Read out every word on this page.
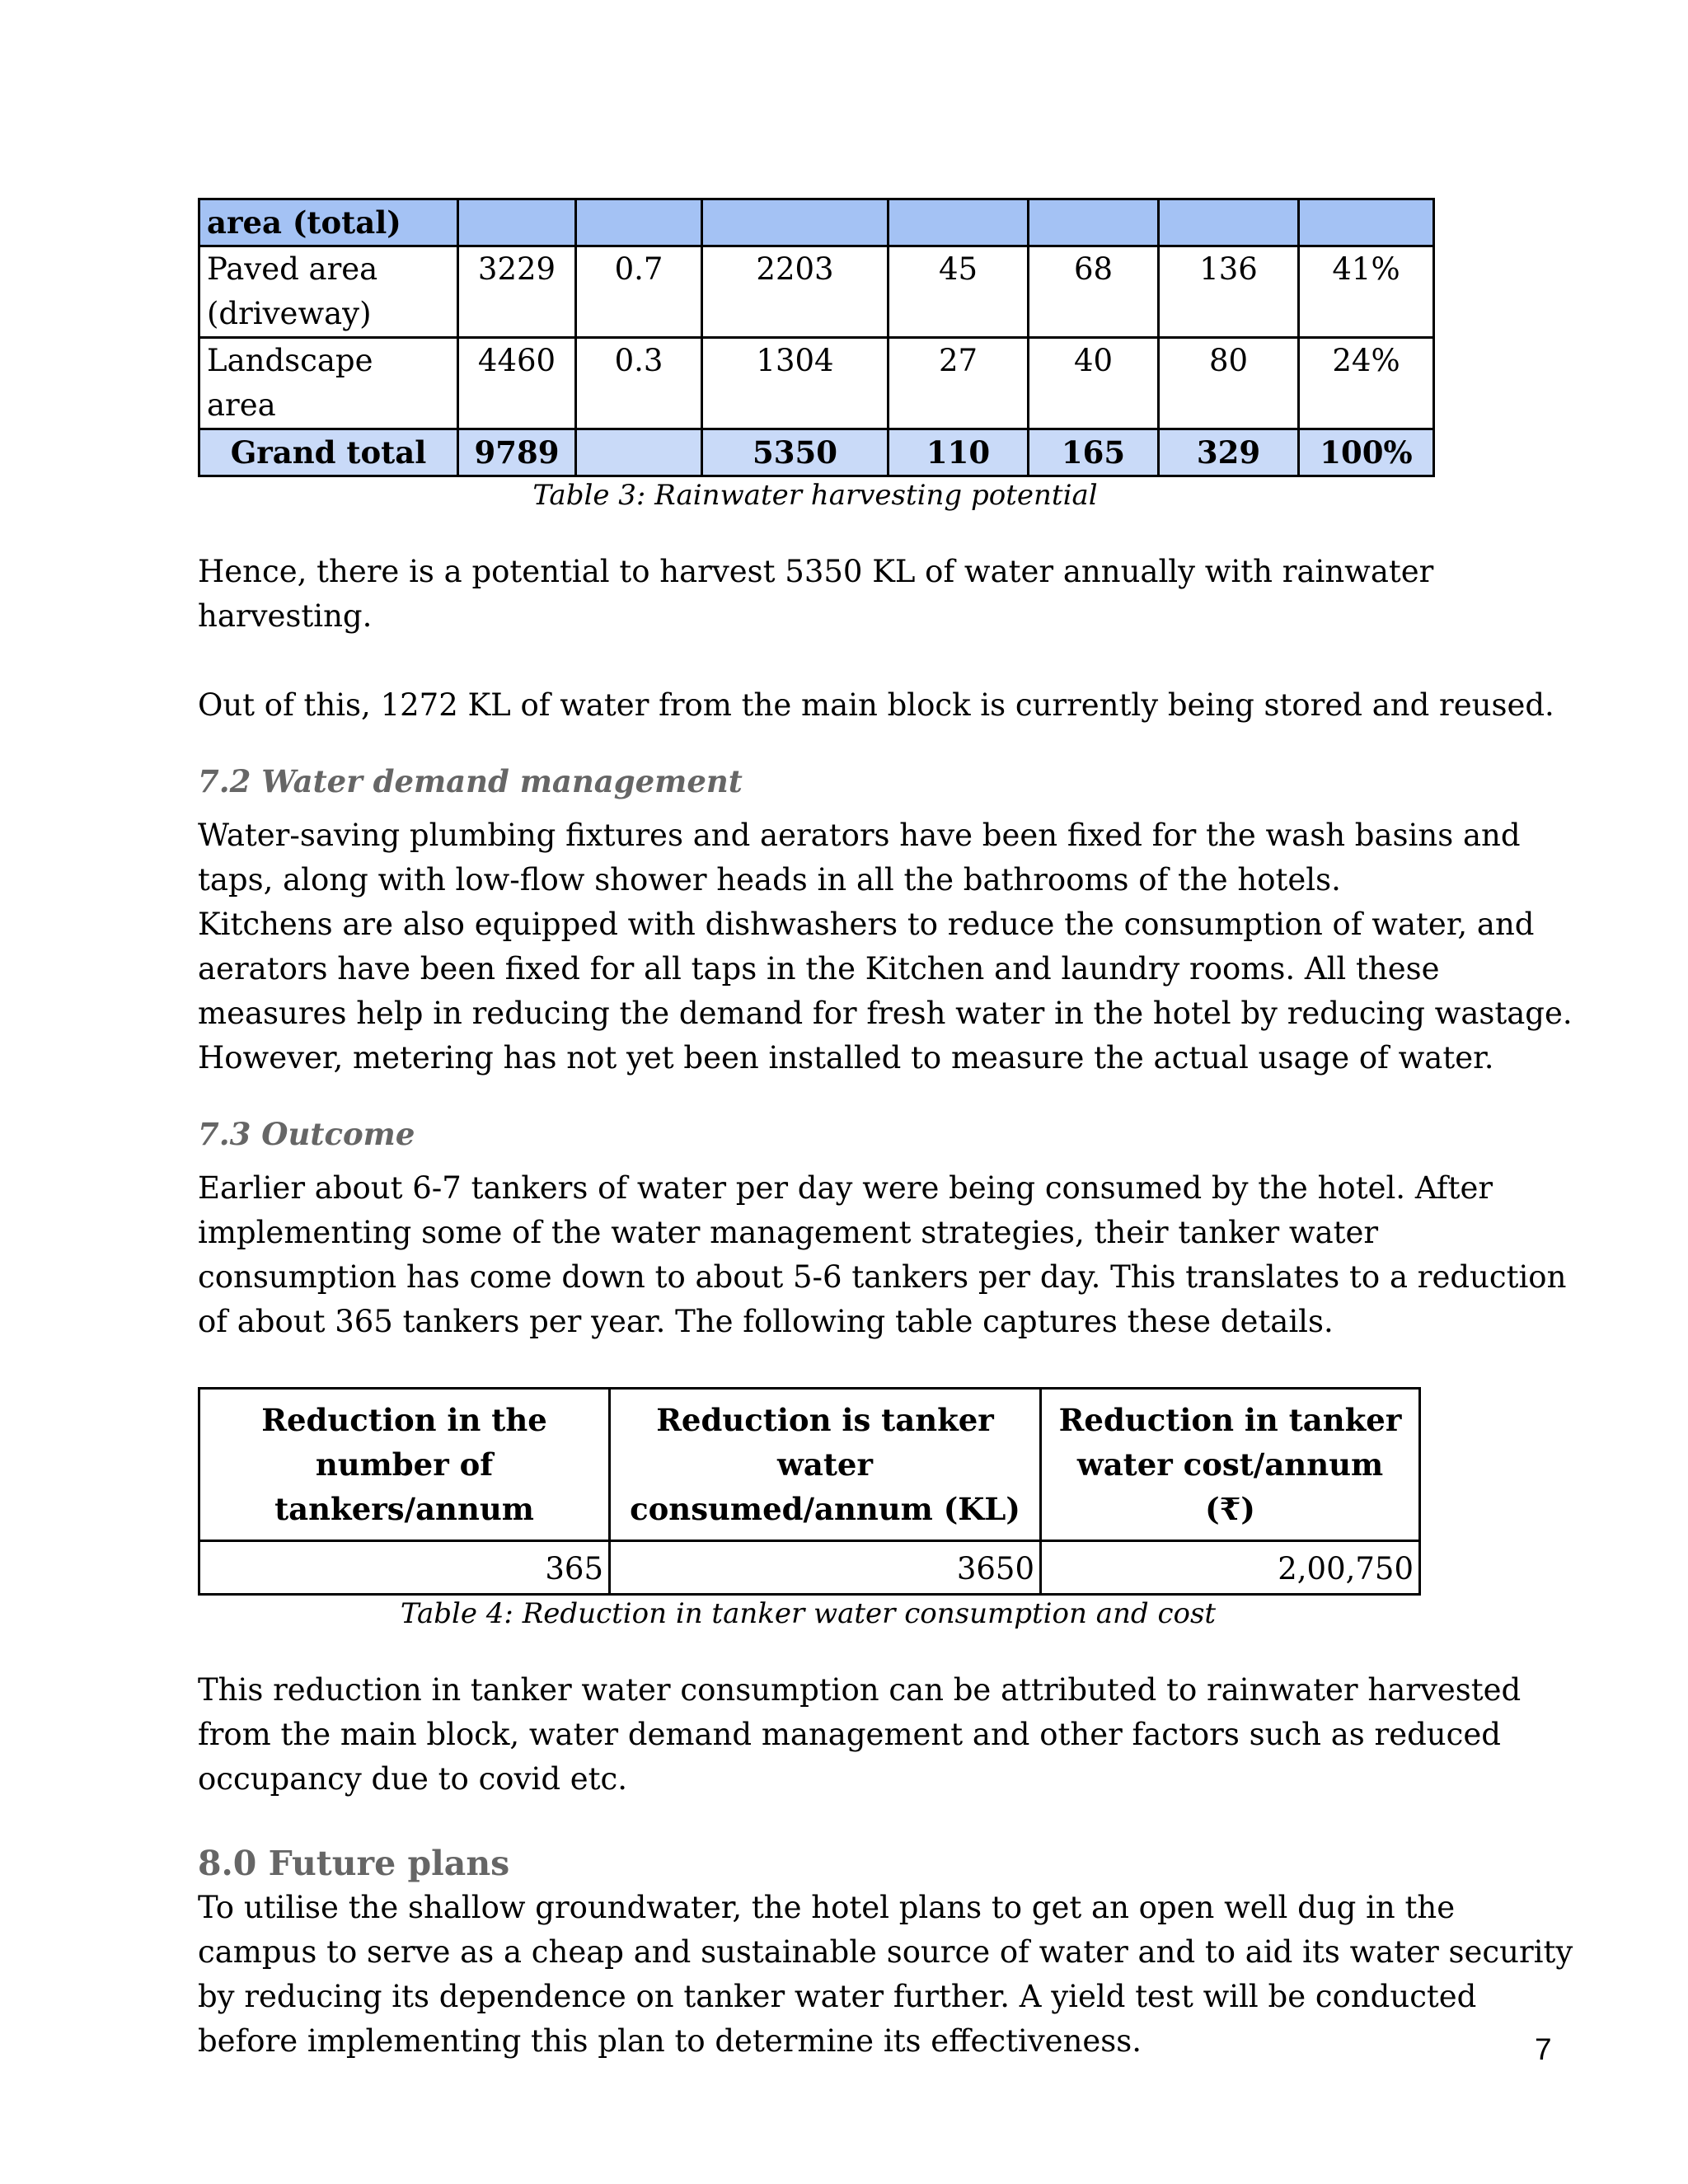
area (total)							
Paved area (driveway)	3229	0.7	2203	45	68	136	41%
Landscape area	4460	0.3	1304	27	40	80	24%
Grand total	9789		5350	110	165	329	100%
Table 3: Rainwater harvesting potential

Hence, there is a potential to harvest 5350 KL of water annually with rainwater harvesting.

Out of this, 1272 KL of water from the main block is currently being stored and reused.

7.2 Water demand management

Water-saving plumbing fixtures and aerators have been fixed for the wash basins and taps, along with low-flow shower heads in all the bathrooms of the hotels.

Kitchens are also equipped with dishwashers to reduce the consumption of water, and aerators have been fixed for all taps in the Kitchen and laundry rooms. All these measures help in reducing the demand for fresh water in the hotel by reducing wastage.

However, metering has not yet been installed to measure the actual usage of water.

7.3 Outcome

Earlier about 6-7 tankers of water per day were being consumed by the hotel. After implementing some of the water management strategies, their tanker water consumption has come down to about 5-6 tankers per day. This translates to a reduction of about 365 tankers per year. The following table captures these details.

Reduction in the number of tankers/annum	Reduction is tanker water consumed/annum (KL)	Reduction in tanker water cost/annum (₹)
365	3650	2,00,750
Table 4: Reduction in tanker water consumption and cost

This reduction in tanker water consumption can be attributed to rainwater harvested from the main block, water demand management and other factors such as reduced occupancy due to covid etc.

8.0 Future plans

To utilise the shallow groundwater, the hotel plans to get an open well dug in the campus to serve as a cheap and sustainable source of water and to aid its water security by reducing its dependence on tanker water further. A yield test will be conducted before implementing this plan to determine its effectiveness.	7
